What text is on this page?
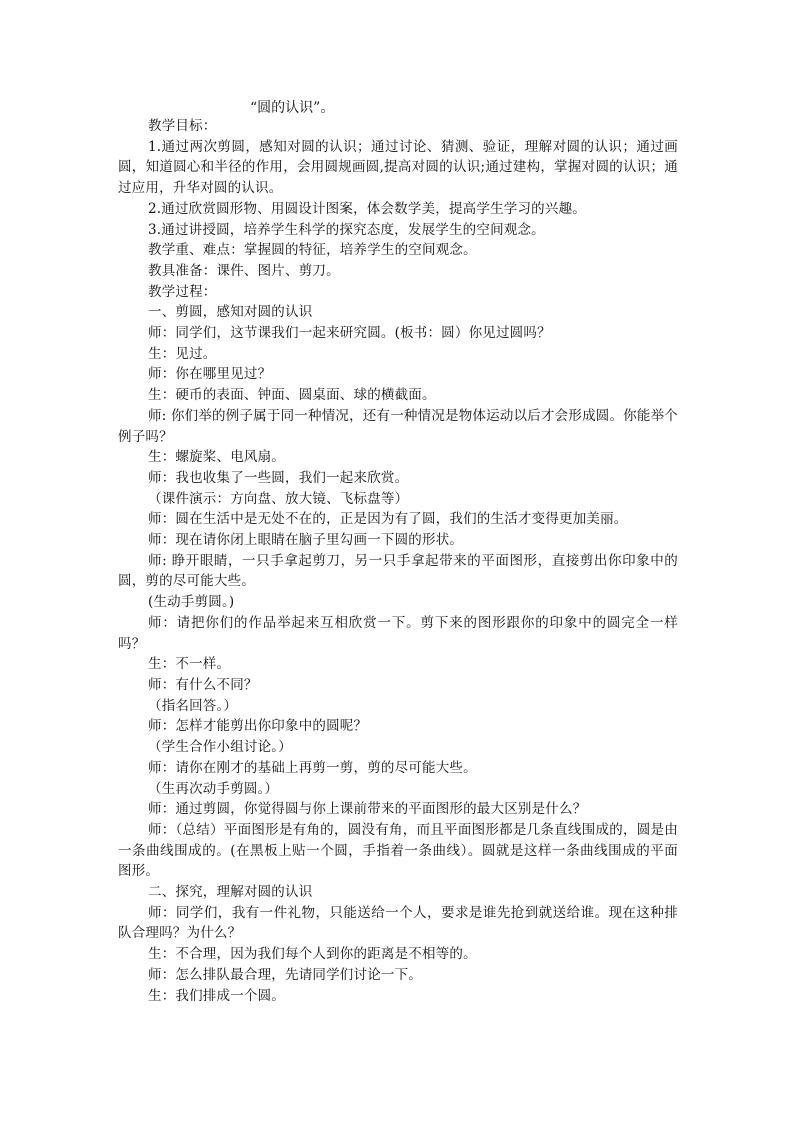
“圆的认识”。

教学目标：

1.通过两次剪圆，感知对圆的认识；通过讨论、猜测、验证，理解对圆的认识；通过画圆，知道圆心和半径的作用，会用圆规画圆,提高对圆的认识;通过建构，掌握对圆的认识；通过应用，升华对圆的认识。

2.通过欣赏圆形物、用圆设计图案，体会数学美，提高学生学习的兴趣。

3.通过讲授圆，培养学生科学的探究态度，发展学生的空间观念。

教学重、难点：掌握圆的特征，培养学生的空间观念。

教具准备：课件、图片、剪刀。

教学过程：

一、剪圆，感知对圆的认识

师：同学们，这节课我们一起来研究圆。(板书：圆）你见过圆吗？

生：见过。

师：你在哪里见过？

生：硬币的表面、钟面、圆桌面、球的横截面。

师: 你们举的例子属于同一种情况，还有一种情况是物体运动以后才会形成圆。你能举个例子吗？

生：螺旋桨、电风扇。

师：我也收集了一些圆，我们一起来欣赏。

（课件演示：方向盘、放大镜、飞标盘等）

师：圆在生活中是无处不在的，正是因为有了圆，我们的生活才变得更加美丽。

师：现在请你闭上眼睛在脑子里勾画一下圆的形状。

师: 睁开眼睛，一只手拿起剪刀，另一只手拿起带来的平面图形，直接剪出你印象中的圆，剪的尽可能大些。

(生动手剪圆。)

师：请把你们的作品举起来互相欣赏一下。剪下来的图形跟你的印象中的圆完全一样吗？

生：不一样。

师：有什么不同？

（指名回答。）

师：怎样才能剪出你印象中的圆呢？

（学生合作小组讨论。）

师：请你在刚才的基础上再剪一剪，剪的尽可能大些。

（生再次动手剪圆。）

师：通过剪圆，你觉得圆与你上课前带来的平面图形的最大区别是什么？

师：（总结）平面图形是有角的，圆没有角，而且平面图形都是几条直线围成的，圆是由一条曲线围成的。(在黑板上贴一个圆，手指着一条曲线）。圆就是这样一条曲线围成的平面图形。

二、探究，理解对圆的认识

师：同学们，我有一件礼物，只能送给一个人，要求是谁先抢到就送给谁。现在这种排队合理吗？为什么？

生：不合理，因为我们每个人到你的距离是不相等的。

师：怎么排队最合理，先请同学们讨论一下。

生：我们排成一个圆。
